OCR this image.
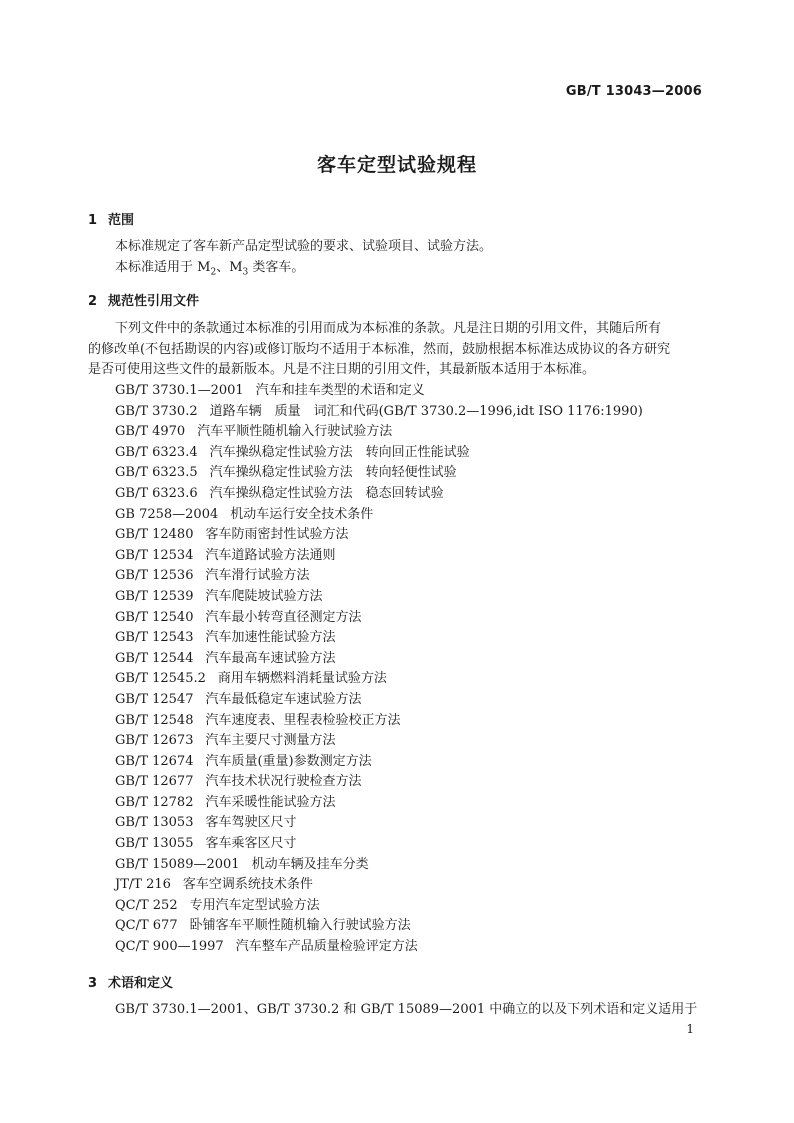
GB/T 13043—2006
客车定型试验规程
1 范围
本标准规定了客车新产品定型试验的要求、试验项目、试验方法。
本标准适用于 $M_2$、$M_3$ 类客车。
2 规范性引用文件
下列文件中的条款通过本标准的引用而成为本标准的条款。凡是注日期的引用文件，其随后所有
的修改单(不包括勘误的内容)或修订版均不适用于本标准，然而，鼓励根据本标准达成协议的各方研究
是否可使用这些文件的最新版本。凡是不注日期的引用文件，其最新版本适用于本标准。
GB/T 3730.1—2001 汽车和挂车类型的术语和定义
GB/T 3730.2 道路车辆　质量　词汇和代码(GB/T 3730.2—1996,idt ISO 1176:1990)
GB/T 4970 汽车平顺性随机输入行驶试验方法
GB/T 6323.4 汽车操纵稳定性试验方法　转向回正性能试验
GB/T 6323.5 汽车操纵稳定性试验方法　转向轻便性试验
GB/T 6323.6 汽车操纵稳定性试验方法　稳态回转试验
GB 7258—2004 机动车运行安全技术条件
GB/T 12480 客车防雨密封性试验方法
GB/T 12534 汽车道路试验方法通则
GB/T 12536 汽车滑行试验方法
GB/T 12539 汽车爬陡坡试验方法
GB/T 12540 汽车最小转弯直径测定方法
GB/T 12543 汽车加速性能试验方法
GB/T 12544 汽车最高车速试验方法
GB/T 12545.2 商用车辆燃料消耗量试验方法
GB/T 12547 汽车最低稳定车速试验方法
GB/T 12548 汽车速度表、里程表检验校正方法
GB/T 12673 汽车主要尺寸测量方法
GB/T 12674 汽车质量(重量)参数测定方法
GB/T 12677 汽车技术状况行驶检查方法
GB/T 12782 汽车采暖性能试验方法
GB/T 13053 客车驾驶区尺寸
GB/T 13055 客车乘客区尺寸
GB/T 15089—2001 机动车辆及挂车分类
JT/T 216 客车空调系统技术条件
QC/T 252 专用汽车定型试验方法
QC/T 677 卧铺客车平顺性随机输入行驶试验方法
QC/T 900—1997 汽车整车产品质量检验评定方法
3 术语和定义
GB/T 3730.1—2001、GB/T 3730.2 和 GB/T 15089—2001 中确立的以及下列术语和定义适用于
1
